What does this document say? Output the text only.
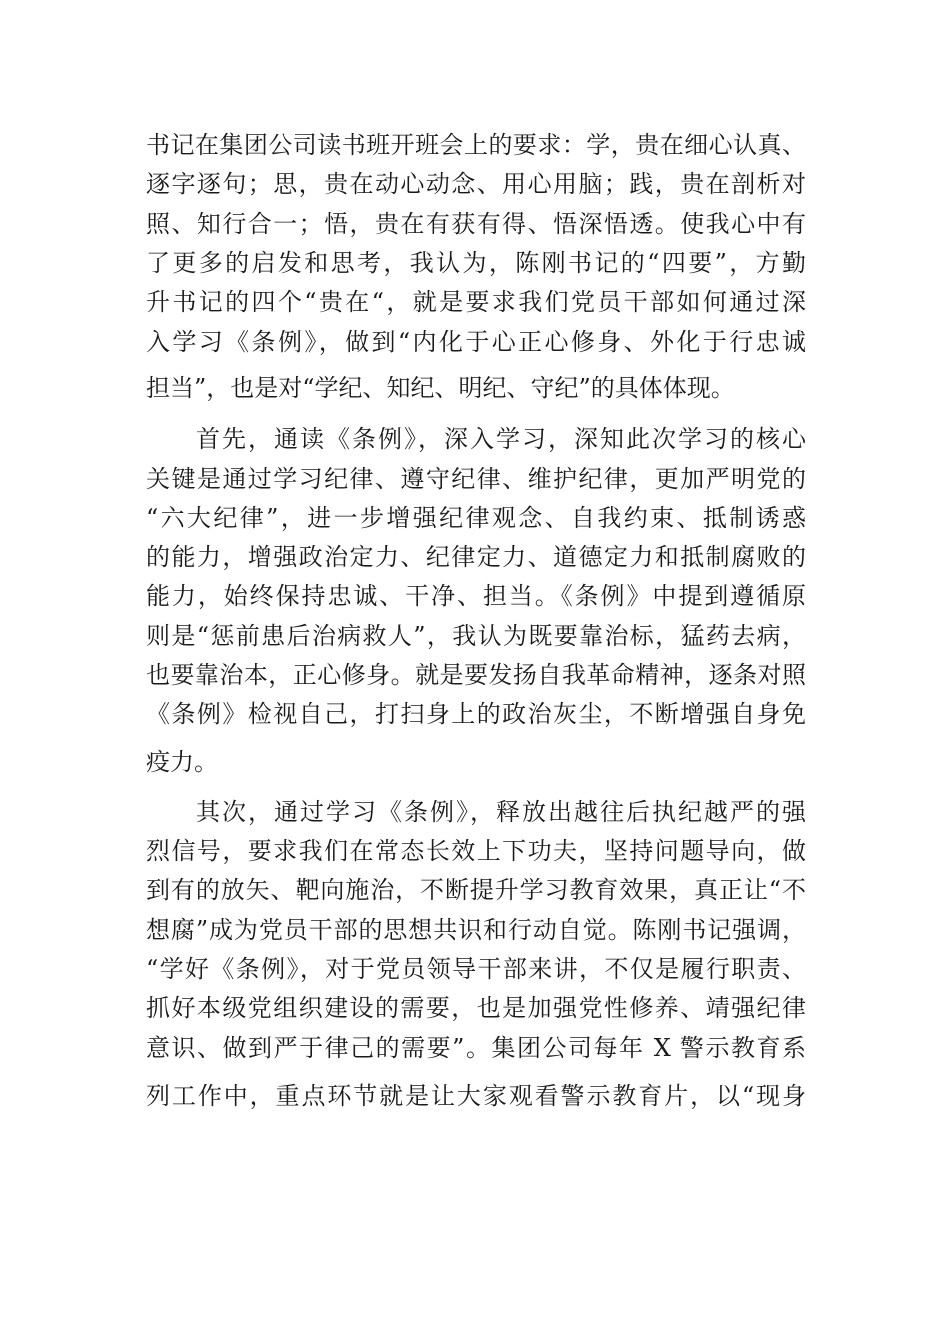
书记在集团公司读书班开班会上的要求：学，贵在细心认真、
逐字逐句；思，贵在动心动念、用心用脑；践，贵在剖析对
照、知行合一；悟，贵在有获有得、悟深悟透。使我心中有
了更多的启发和思考，我认为，陈刚书记的“四要”，方勤
升书记的四个“贵在“，就是要求我们党员干部如何通过深
入学习《条例》，做到“内化于心正心修身、外化于行忠诚
担当”，也是对“学纪、知纪、明纪、守纪”的具体体现。
首先，通读《条例》，深入学习，深知此次学习的核心
关键是通过学习纪律、遵守纪律、维护纪律，更加严明党的
“六大纪律”，进一步增强纪律观念、自我约束、抵制诱惑
的能力，增强政治定力、纪律定力、道德定力和抵制腐败的
能力，始终保持忠诚、干净、担当。《条例》中提到遵循原
则是“惩前患后治病救人”，我认为既要靠治标，猛药去病，
也要靠治本，正心修身。就是要发扬自我革命精神，逐条对照
《条例》检视自己，打扫身上的政治灰尘，不断增强自身免
疫力。
其次，通过学习《条例》，释放出越往后执纪越严的强
烈信号，要求我们在常态长效上下功夫，坚持问题导向，做
到有的放矢、靶向施治，不断提升学习教育效果，真正让“不
想腐”成为党员干部的思想共识和行动自觉。陈刚书记强调，
“学好《条例》，对于党员领导干部来讲，不仅是履行职责、
抓好本级党组织建设的需要，也是加强党性修养、靖强纪律
意识、做到严于律己的需要”。集团公司每年 X 警示教育系
列工作中，重点环节就是让大家观看警示教育片，以“现身
